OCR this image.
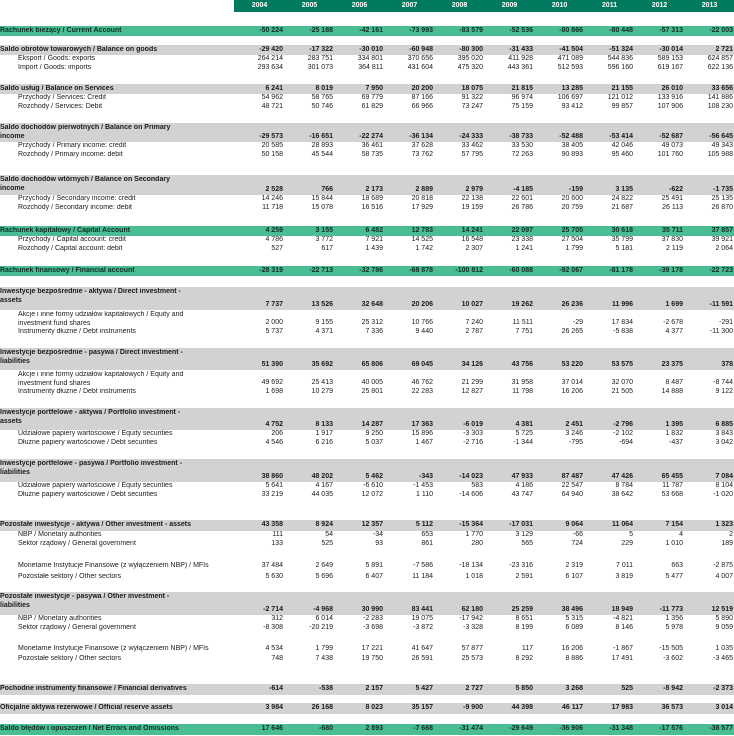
2004	2005	2006	2007	2008	2009	2010	2011	2012	2013
Rachunek bieżący / Current Account	-50 224	-25 188	-42 161	-73 993	-83 579	-52 536	-80 866	-80 448	-57 313	-22 003
Saldo obrotów towarowych / Balance on goods	-29 420	-17 322	-30 010	-60 948	-80 300	-31 433	-41 504	-51 324	-30 014	2 721
Eksport / Goods: exports	264 214	283 751	334 801	370 656	395 020	411 928	471 089	544 836	589 153	624 857
Import / Goods: imports	293 634	301 073	364 811	431 604	475 320	443 361	512 593	596 160	619 167	622 136
Saldo usług / Balance on Services	6 241	8 019	7 950	20 200	18 075	21 815	13 285	21 155	26 010	33 656
Przychody / Services: Credit	54 962	58 765	69 779	87 166	91 322	96 974	106 697	121 012	133 916	141 886
Rozchody / Services: Debit	48 721	50 746	61 829	66 966	73 247	75 159	93 412	99 857	107 906	108 230
Saldo dochodów pierwotnych / Balance on Primary
income	-29 573	-16 651	-22 274	-36 134	-24 333	-38 733	-52 488	-53 414	-52 687	-56 645
Przychody / Primary income: credit	20 585	28 893	36 461	37 628	33 462	33 530	38 405	42 046	49 073	49 343
Rozchody / Primary income: debit	50 158	45 544	58 735	73 762	57 795	72 263	90 893	95 460	101 760	105 988
Saldo dochodów wtórnych / Balance on Secondary
income	2 528	766	2 173	2 889	2 979	-4 185	-159	3 135	-622	-1 735
Przychody / Secondary income: credit	14 246	15 844	18 689	20 818	22 138	22 601	20 600	24 822	25 491	25 135
Rozchody / Secondary income: debit	11 718	15 078	16 516	17 929	19 159	26 786	20 759	21 687	26 113	26 870
Rachunek kapitałowy / Capital Account	4 259	3 155	6 482	12 783	14 241	22 097	25 705	30 618	35 711	37 857
Przychody / Capital account: credit	4 786	3 772	7 921	14 525	16 548	23 338	27 504	35 799	37 830	39 921
Rozchody / Capital account: debit	527	617	1 439	1 742	2 307	1 241	1 799	5 181	2 119	2 064
Rachunek finansowy / Financial account	-28 319	-22 713	-32 786	-68 878	-100 812	-60 088	-92 067	-81 178	-39 178	-22 723
Inwestycje bezpośrednie - aktywa / Direct investment -
assets
7 737	13 526	32 648	20 206	10 027	19 262	26 236	11 996	1 699	-11 591
Akcje i inne formy udziałów kapitałowych / Equity and
investment fund shares	2 000	9 155	25 312	10 766	7 240	11 511	-29	17 834	-2 678	-291
Instrumenty dłużne / Debt instruments	5 737	4 371	7 336	9 440	2 787	7 751	26 265	-5 838	4 377	-11 300
Inwestycje bezpośrednie - pasywa / Direct investment -
liabilities	51 390	35 692	65 806	69 045	34 126	43 756	53 220	53 575	23 375	378
Akcje i inne formy udziałów kapitałowych / Equity and
investment fund shares	49 692	25 413	40 005	46 762	21 299	31 958	37 014	32 070	8 487	-8 744
Instrumenty dłużne / Debt instruments	1 698	10 279	25 801	22 283	12 827	11 798	16 206	21 505	14 888	9 122
Inwestycje portfelowe - aktywa / Portfolio investment -
assets	4 752	8 133	14 287	17 363	-6 019	4 381	2 451	-2 796	1 395	6 885
Udziałowe papiery wartościowe / Equity securities	206	1 917	9 250	15 896	-3 303	5 725	3 246	-2 102	1 832	3 843
Dłużne papiery wartościowe / Debt securities	4 546	6 216	5 037	1 467	-2 716	-1 344	-795	-694	-437	3 042
Inwestycje portfelowe - pasywa / Portfolio investment -
liabilities
38 860	48 202	5 462	-343	-14 023	47 933	87 487	47 426	65 455	7 084
Udziałowe papiery wartościowe / Equity securities	5 641	4 167	-6 610	-1 453	583	4 186	22 547	8 784	11 787	8 104
Dłużne papiery wartościowe / Debt securities	33 219	44 035	12 072	1 110	-14 606	43 747	64 940	38 642	53 668	-1 020
Pozostałe inwestycje - aktywa / Other investment - assets	43 358	8 924	12 357	5 112	-15 364	-17 031	9 064	11 064	7 154	1 323
NBP / Monetary authorities	111	54	-34	653	1 770	3 129	-66	5	4	2
Sektor rządowy / General government	133	525	93	861	280	565	724	229	1 010	189
Monetarne Instytucje Finansowe (z wyłączeniem NBP) / MFIs	37 484	2 649	5 891	-7 586	-18 134	-23 316	2 319	7 011	663	-2 875
Pozostałe sektory / Other sectors	5 630	5 696	6 407	11 184	1 018	2 591	6 107	3 819	5 477	4 007
Pozostałe inwestycje - pasywa / Other investment -
liabilities
-2 714	-4 968	30 990	83 441	62 180	25 259	38 496	18 949	-11 773	12 519
NBP / Monetary authorities	312	6 014	-2 283	19 075	-17 942	8 651	5 315	-4 821	1 356	5 890
Sektor rządowy / General government	-8 308	-20 219	-3 698	-3 872	-3 328	8 199	6 089	8 146	5 978	9 059
Monetarne Instytucje Finansowe (z wyłączeniem NBP) / MFIs	4 534	1 799	17 221	41 647	57 877	117	16 206	-1 867	-15 505	1 035
Pozostałe sektory / Other sectors	748	7 438	19 750	26 591	25 573	8 292	8 886	17 491	-3 602	-3 465
Pochodne instrumenty finansowe / Financial derivatives	-614	-538	2 157	5 427	2 727	5 850	3 268	525	-8 942	-2 373
Oficjalne aktywa rezerwowe / Official reserve assets	3 984	26 168	8 023	35 157	-9 900	44 398	46 117	17 983	36 573	3 014
Saldo błędów i opuszczeń / Net Errors and Omissions	17 646	-680	2 893	-7 668	-31 474	-29 649	-36 906	-31 348	-17 576	-38 577
